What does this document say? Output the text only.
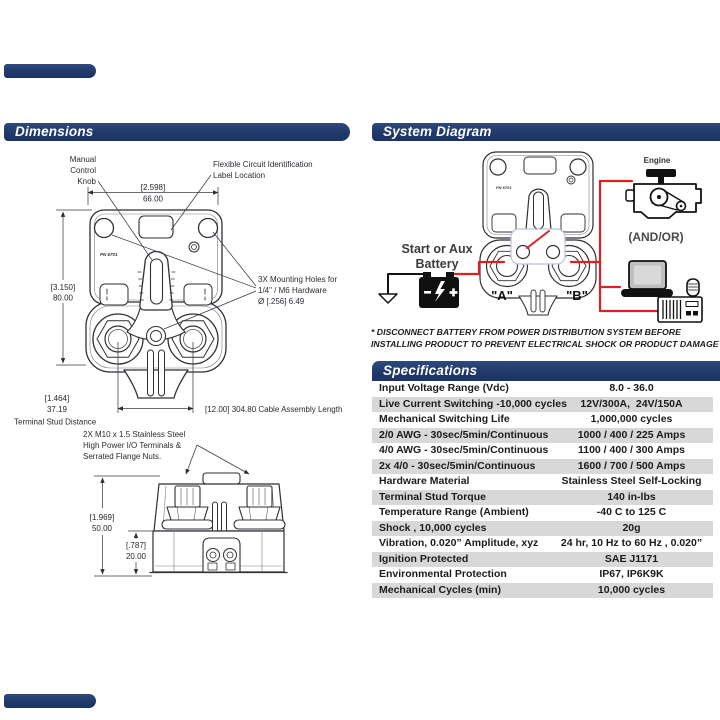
Dimensions	System Diagram
Specifications
* DISCONNECT BATTERY FROM POWER DISTRIBUTION SYSTEM BEFORE
INSTALLING PRODUCT TO PREVENT ELECTRICAL SHOCK OR PRODUCT DAMAGE
Input Voltage Range (Vdc)	8.0 - 36.0
Live Current Switching -10,000 cycles	12V/300A,  24V/150A
Mechanical Switching Life	1,000,000 cycles
2/0 AWG - 30sec/5min/Continuous	1000 / 400 / 225 Amps
4/0 AWG - 30sec/5min/Continuous	1100 / 400 / 300 Amps
2x 4/0 - 30sec/5min/Continuous	1600 / 700 / 500 Amps
Hardware Material	Stainless Steel Self-Locking
Terminal Stud Torque	140 in-lbs
Temperature Range (Ambient)	-40 C to 125 C
Shock , 10,000 cycles	20g
Vibration, 0.020” Amplitude, xyz	24 hr, 10 Hz to 60 Hz , 0.020”
Ignition Protected	SAE J1171
Environmental Protection	IP67, IP6K9K
Mechanical Cycles (min)	10,000 cycles
PN 6701
Manual
Control
Knob
Flexible Circuit Identification
Label Location
[2.598]
66.00
[3.150]
80.00
3X Mounting Holes for
1/4" / M6 Hardware
Ø [.256] 6.49
[1.464]
37.19
Terminal Stud Distance
[12.00] 304.80 Cable Assembly Length
2X M10 x 1.5 Stainless Steel
High Power I/O Terminals &
Serrated Flange Nuts.
[1.969]
50.00
[.787]
20.00
PN 6701
Start or Aux
Battery
Engine
(AND/OR)
"A"	"B"
